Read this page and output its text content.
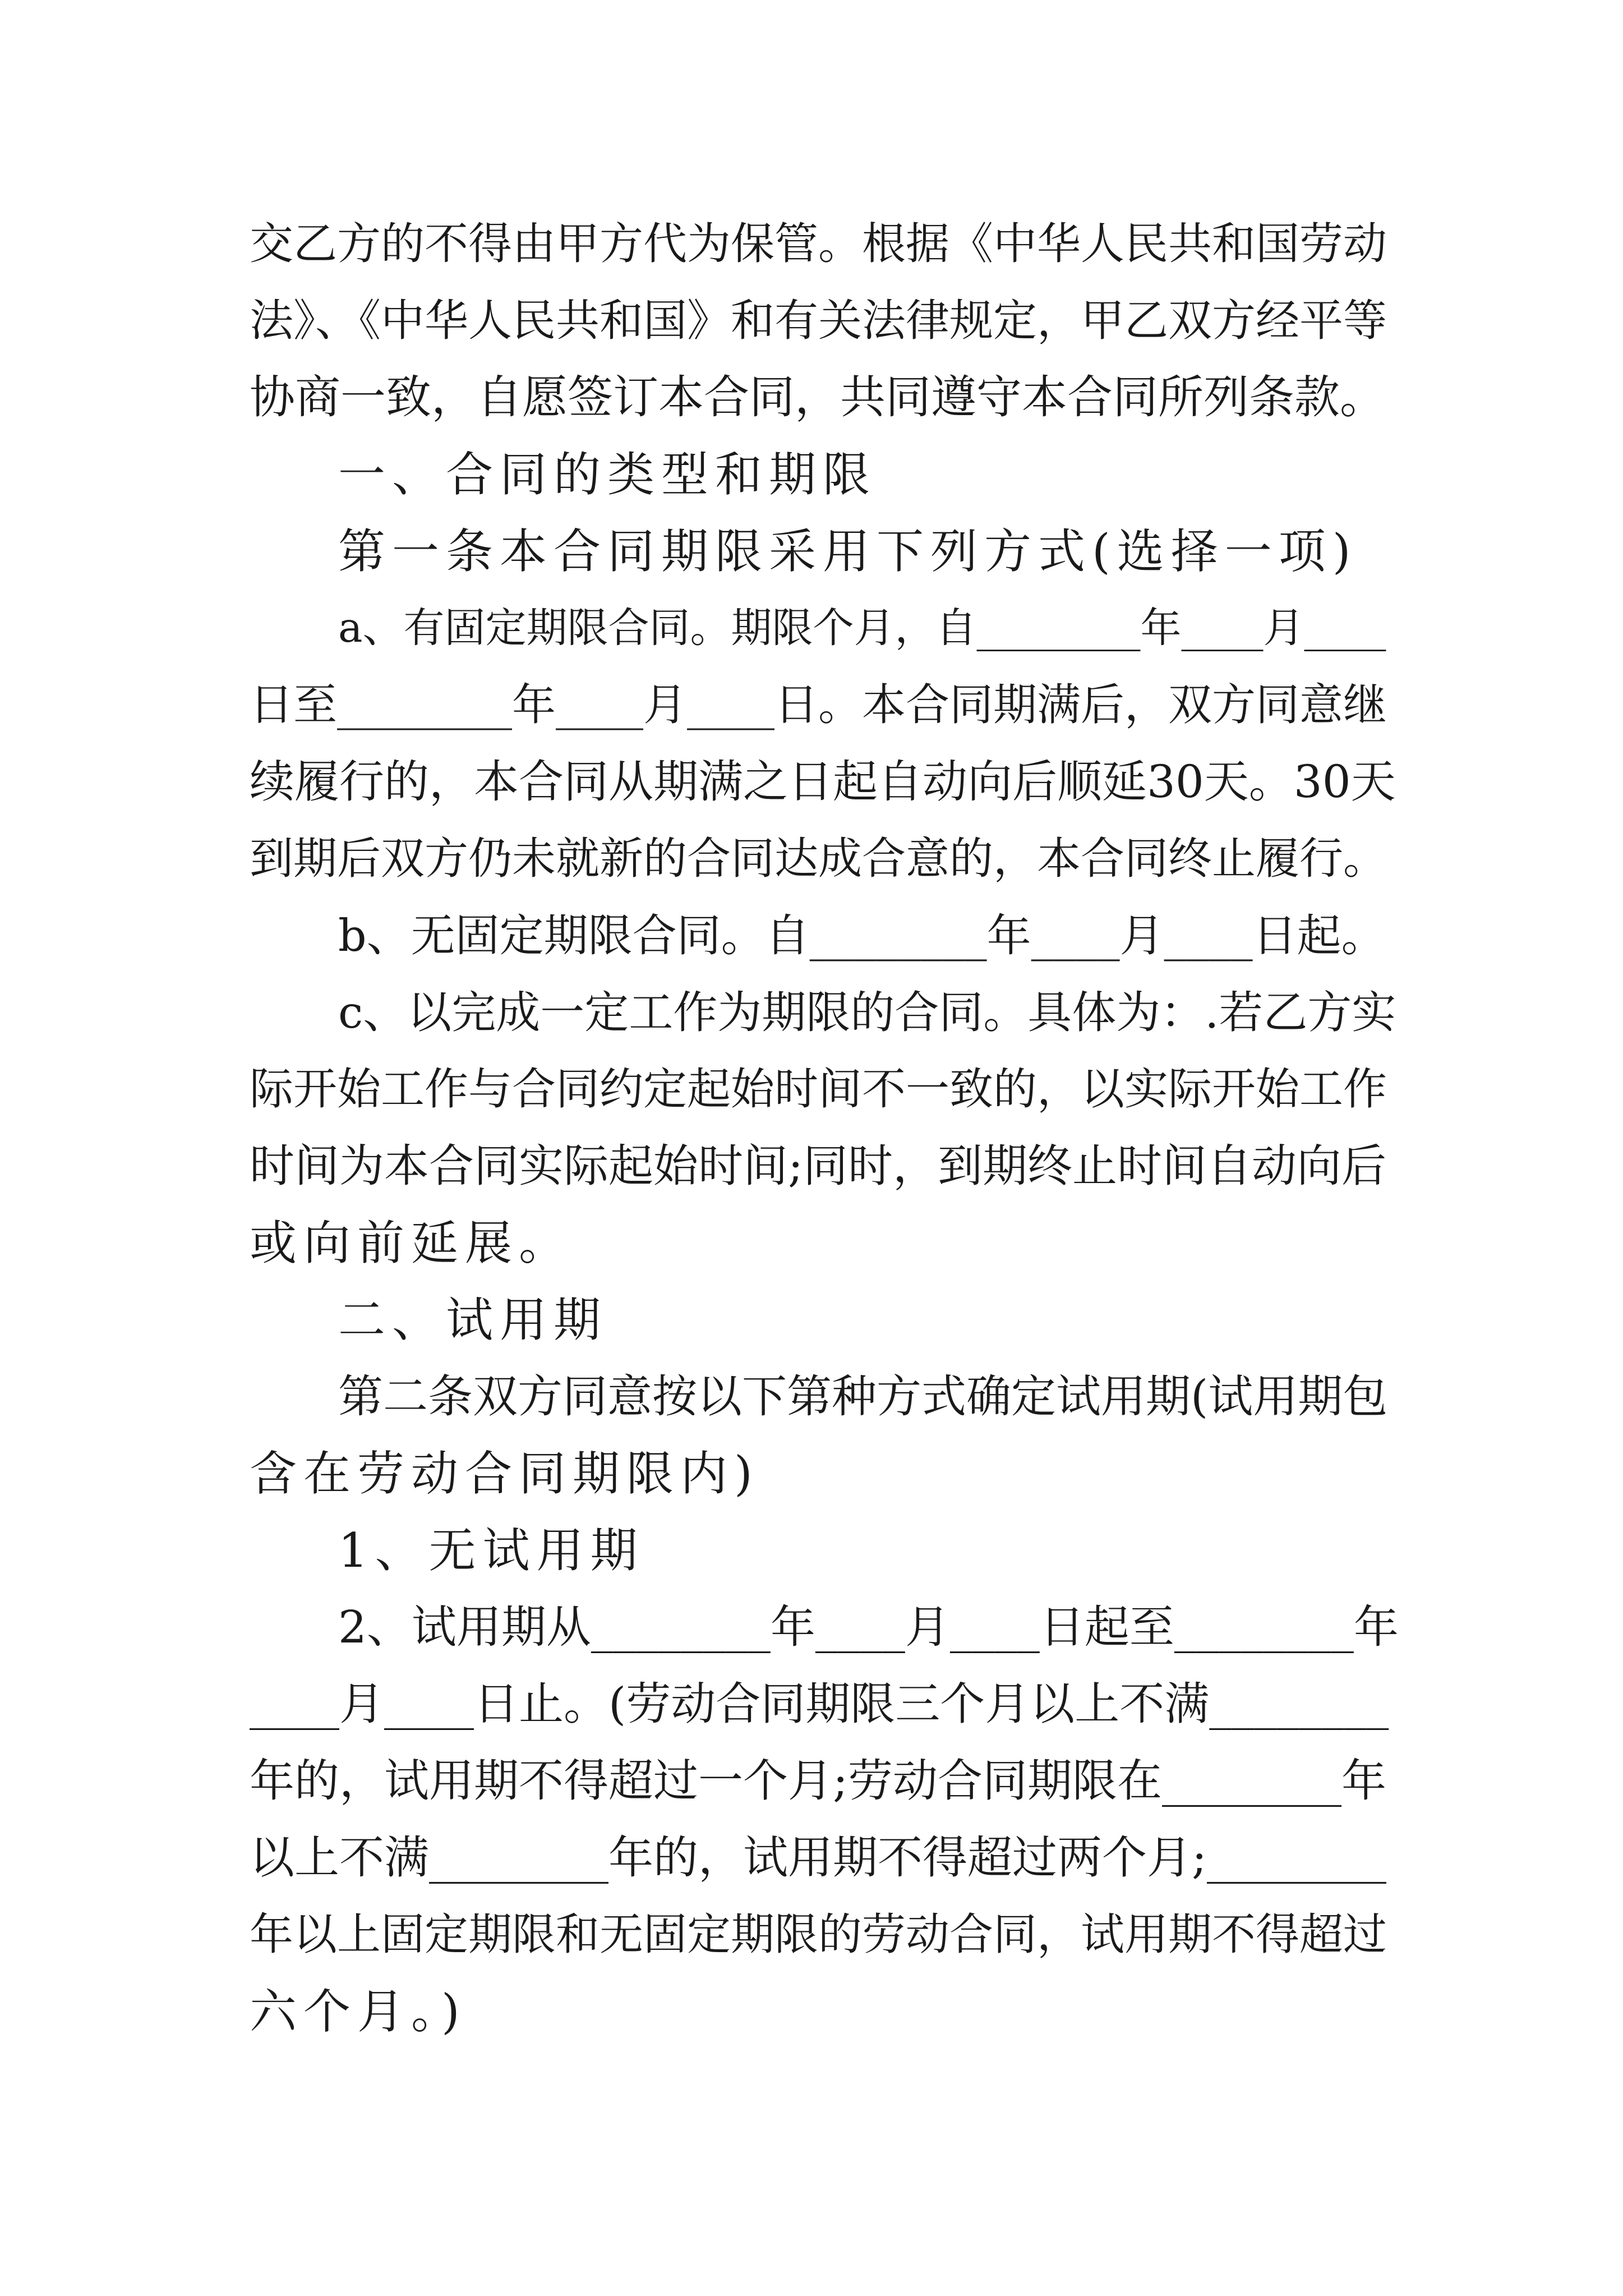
交乙方的不得由甲方代为保管。根据《中华人民共和国劳动
法》、《中华人民共和国》和有关法律规定，甲乙双方经平等
协商一致，自愿签订本合同，共同遵守本合同所列条款。
一、合同的类型和期限
第一条本合同期限采用下列方式(选择一项)
a、有固定期限合同。期限个月，自________年____月____
日至________年____月____日。本合同期满后，双方同意继
续履行的，本合同从期满之日起自动向后顺延30天。30天
到期后双方仍未就新的合同达成合意的，本合同终止履行。
b、无固定期限合同。自________年____月____日起。
c、以完成一定工作为期限的合同。具体为：.若乙方实
际开始工作与合同约定起始时间不一致的，以实际开始工作
时间为本合同实际起始时间;同时，到期终止时间自动向后
或向前延展。
二、试用期
第二条双方同意按以下第种方式确定试用期(试用期包
含在劳动合同期限内)
1、无试用期
2、试用期从________年____月____日起至________年
____月____日止。(劳动合同期限三个月以上不满________
年的，试用期不得超过一个月;劳动合同期限在________年
以上不满________年的，试用期不得超过两个月;________
年以上固定期限和无固定期限的劳动合同，试用期不得超过
六个月。)
